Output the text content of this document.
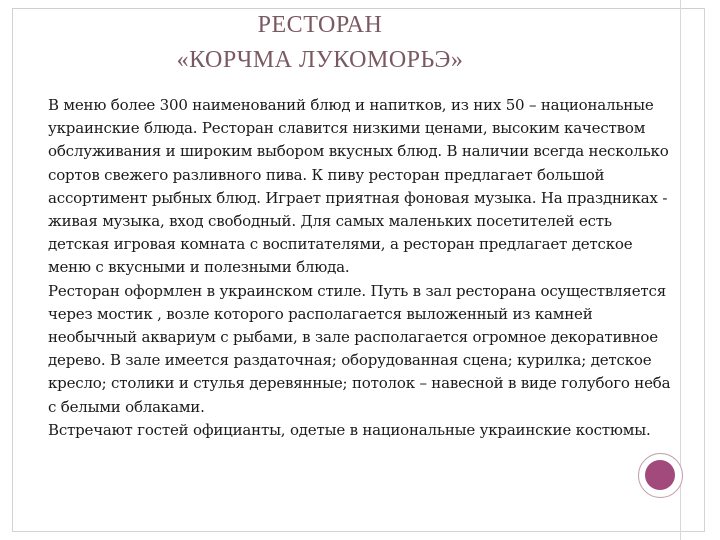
РЕСТОРАН
«КОРЧМА ЛУКОМОРЬЭ»

В меню более 300 наименований блюд и напитков, из них 50 – национальные украинские блюда. Ресторан славится низкими ценами, высоким качеством обслуживания и широким выбором вкусных блюд. В наличии всегда несколько сортов свежего разливного пива. К пиву ресторан предлагает большой ассортимент рыбных блюд. Играет приятная фоновая музыка. На праздниках - живая музыка, вход свободный. Для самых маленьких посетителей есть детская игровая комната с воспитателями, а ресторан предлагает детское меню с вкусными и полезными блюда.

Ресторан оформлен в украинском стиле. Путь в зал ресторана осуществляется через мостик , возле которого располагается выложенный из камней необычный аквариум с рыбами, в зале располагается огромное декоративное дерево. В зале имеется раздаточная; оборудованная сцена; курилка; детское кресло; столики и стулья деревянные; потолок – навесной в виде голубого неба с белыми облаками.

Встречают гостей официанты, одетые в национальные украинские костюмы.
